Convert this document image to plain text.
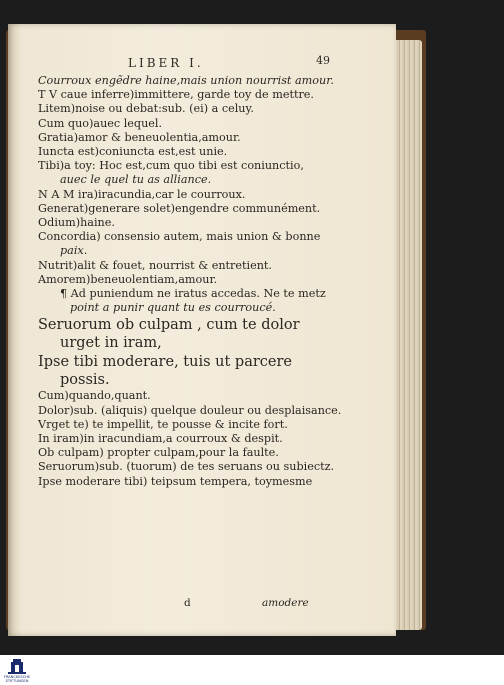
LIBER I.	49
Courroux engẽdre haine,mais union nourrist amour.
T V caue inferre)immittere, garde toy de mettre.
Litem)noise ou debat:sub. (ei) a celuy.
Cum quo)auec lequel.
Gratia)amor & beneuolentia,amour.
Iuncta est)coniuncta est,est unie.
Tibi)a toy: Hoc est,cum quo tibi est coniunctio,
auec le quel tu as alliance.
N A M ira)iracundia,car le courroux.
Generat)generare solet)engendre communément.
Odium)haine.
Concordia) consensio autem, mais union & bonne
paix.
Nutrit)alit & fouet, nourrist & entretient.
Amorem)beneuolentiam,amour.
¶ Ad puniendum ne iratus accedas. Ne te metz
point a punir quant tu es courroucé.
Seruorum ob culpam , cum te dolor
urget in iram,
Ipse tibi moderare, tuis ut parcere
possis.
Cum)quando,quant.
Dolor)sub. (aliquis) quelque douleur ou desplaisance.
Vrget te) te impellit, te pousse & incite fort.
In iram)in iracundiam,a courroux & despit.
Ob culpam) propter culpam,pour la faulte.
Seruorum)sub. (tuorum) de tes seruans ou subiectz.
Ipse moderare tibi) teipsum tempera, toymesme
d	amodere
FRANCKESCHE STIFTUNGEN
